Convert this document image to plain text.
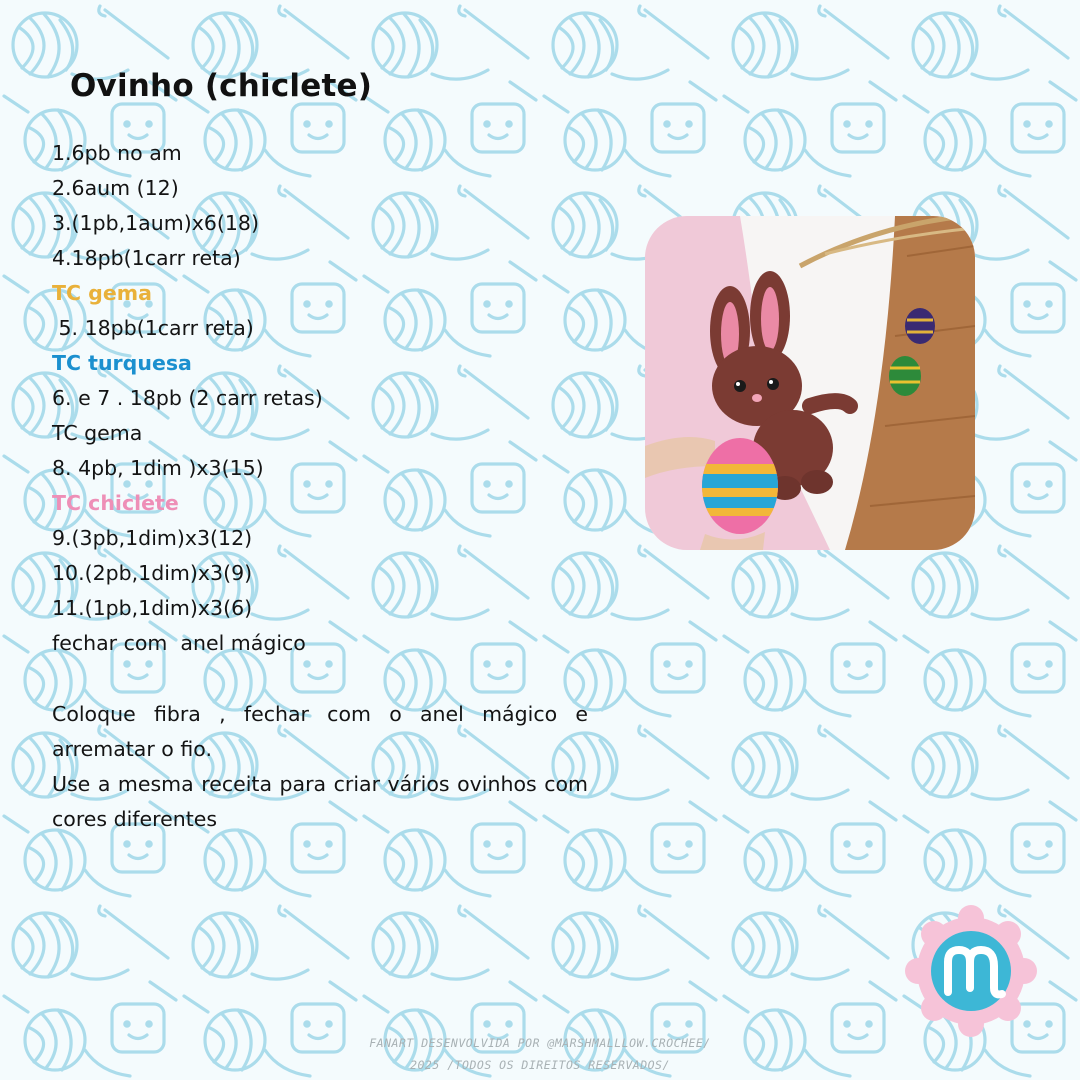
Ovinho (chiclete)
1.6pb no am
2.6aum (12)
3.(1pb,1aum)x6(18)
4.18pb(1carr reta)
TC gema
5. 18pb(1carr reta)
TC turquesa
6. e 7 . 18pb (2 carr retas)
TC gema
8. 4pb, 1dim )x3(15)
TC chiclete
9.(3pb,1dim)x3(12)
10.(2pb,1dim)x3(9)
11.(1pb,1dim)x3(6)
fechar com  anel mágico

Coloque fibra , fechar com o anel mágico e arrematar o fio.

Use a mesma receita para criar vários ovinhos com cores diferentes

FANART DESENVOLVIDA POR @MARSHMALLLOW.CROCHEE/
2025 /TODOS OS DIREITOS RESERVADOS/
